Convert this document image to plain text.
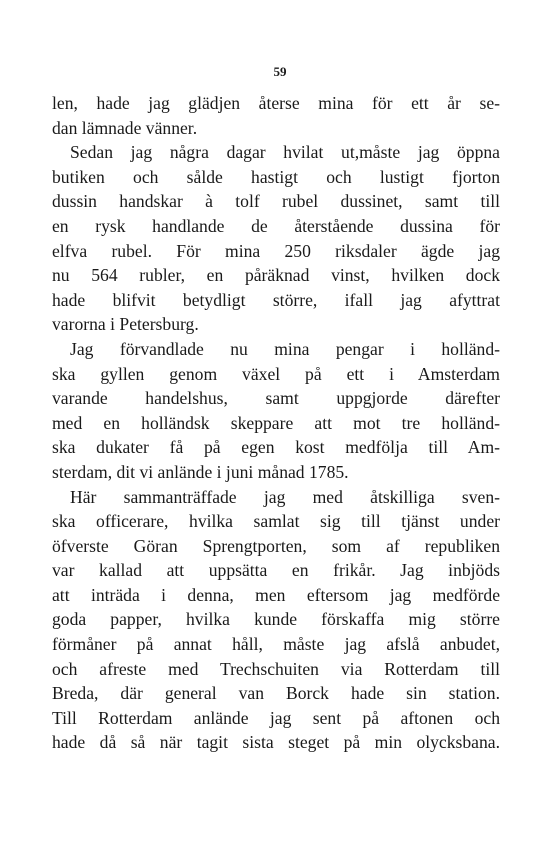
59
len, hade jag glädjen återse mina för ett år se-
dan lämnade vänner.
Sedan jag några dagar hvilat ut,måste jag öppna
butiken och sålde hastigt och lustigt fjorton
dussin handskar à tolf rubel dussinet, samt till
en rysk handlande de återstående dussina för
elfva rubel. För mina 250 riksdaler ägde jag
nu 564 rubler, en påräknad vinst, hvilken dock
hade blifvit betydligt större, ifall jag afyttrat
varorna i Petersburg.
Jag förvandlade nu mina pengar i holländ-
ska gyllen genom växel på ett i Amsterdam
varande handelshus, samt uppgjorde därefter
med en holländsk skeppare att mot tre holländ-
ska dukater få på egen kost medfölja till Am-
sterdam, dit vi anlände i juni månad 1785.
Här sammanträffade jag med åtskilliga sven-
ska officerare, hvilka samlat sig till tjänst under
öfverste Göran Sprengtporten, som af republiken
var kallad att uppsätta en frikår. Jag inbjöds
att inträda i denna, men eftersom jag medförde
goda papper, hvilka kunde förskaffa mig större
förmåner på annat håll, måste jag afslå anbudet,
och afreste med Trechschuiten via Rotterdam till
Breda, där general van Borck hade sin station.
Till Rotterdam anlände jag sent på aftonen och
hade då så när tagit sista steget på min olycksbana.
